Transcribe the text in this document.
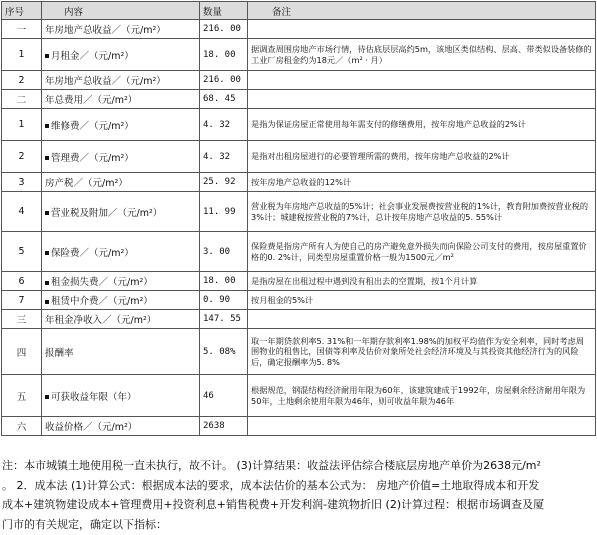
序号	内容	数量	备注
一	年房地产总收益／（元/m²）	216. 00	
1	月租金／（元/m²）	18. 00	据调查周围房地产市场行情，待估底层层高约5m，该地区类似结构、层高、带类似设备装修的工业厂房租金约为18元／（m² · 月）
2	年房地产总收益／（元/m²）	216. 00	
二	年总费用／（元/m²）	68. 45	
1	维修费／（元/m²）	4. 32	是指为保证房屋正常使用每年需支付的修缮费用，按年房地产总收益的2%计
2	管理费／（元/m²）	4. 32	是指对出租房屋进行的必要管理所需的费用，按年房地产总收益的2%计
3	房产税／（元/m²）	25. 92	按年房地产总收益的12%计
4	营业税及附加／（元/m²）	11. 99	营业税为年房地产总收益的5%计；社会事业发展费按营业税的1%计，教育附加费按营业税的3%计；城建税按营业税的7%计，总计按年房地产总收益的5. 55%计
5	保险费／（元/m²）	3. 00	保险费是指房产所有人为使自己的房产避免意外损失而向保险公司支付的费用，按房屋重置价格的0. 2%计，同类型房屋重置价格一般为1500元／m²
6	租金损失费／（元/m²）	18. 00	是指房屋在出租过程中遇到没有租出去的空置期，按1个月计算
7	租赁中介费／（元/m²）	0. 90	按月租金的5%计
三	年租金净收入／（元/m²）	147. 55	
四	报酬率	5. 08%	取一年期贷款利率5. 31%和一年期存款利率1.98%的加权平均值作为安全利率，同时考虑周围物业的租售比，国债等利率及估价对象所处社会经济环境及与其投资其他经济行为的风险后，确定报酬率为5. 8%
五	可获收益年限（年）	46	根据规范，钢混结构经济耐用年限为60年，该建筑建成于1992年，房屋剩余经济耐用年限为50年，土地剩余使用年限为46年，则可收益年限为46年
六	收益价格／（元/m²）	2638	

注：本市城镇土地使用税一直未执行，故不计。 (3)计算结果：收益法评估综合楼底层房地产单价为2638元/m²

。 2．成本法 (1)计算公式：根据成本法的要求，成本法估价的基本公式为： 房地产价值=土地取得成本和开发

成本+建筑物建设成本+管理费用+投资利息+销售税费+开发利润-建筑物折旧 (2)计算过程：根据市场调查及厦

门市的有关规定，确定以下指标：
